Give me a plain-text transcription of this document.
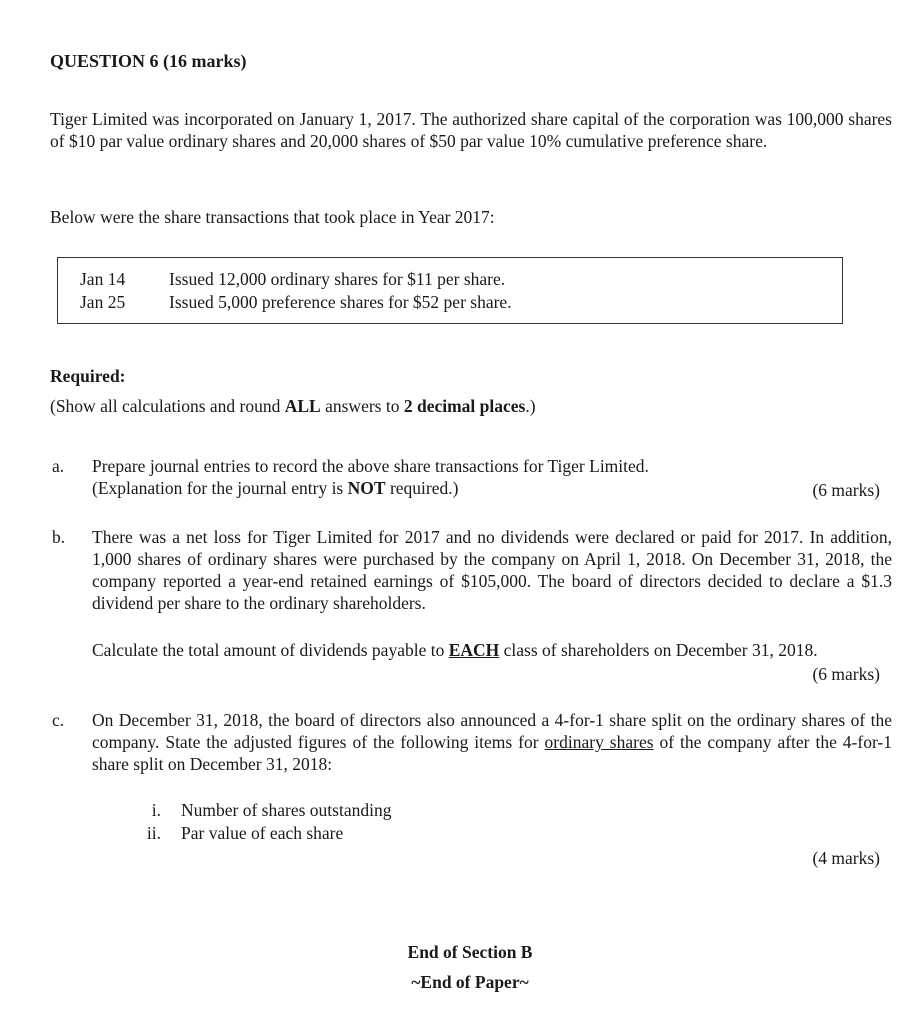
QUESTION 6 (16 marks)
Tiger Limited was incorporated on January 1, 2017. The authorized share capital of the corporation was 100,000 shares of $10 par value ordinary shares and 20,000 shares of $50 par value 10% cumulative preference share.
Below were the share transactions that took place in Year 2017:
Jan 14	Issued 12,000 ordinary shares for $11 per share.
Jan 25	Issued 5,000 preference shares for $52 per share.
Required:
(Show all calculations and round ALL answers to 2 decimal places.)
a. Prepare journal entries to record the above share transactions for Tiger Limited.
(Explanation for the journal entry is NOT required.)	(6 marks)
b. There was a net loss for Tiger Limited for 2017 and no dividends were declared or paid for 2017. In addition, 1,000 shares of ordinary shares were purchased by the company on April 1, 2018. On December 31, 2018, the company reported a year-end retained earnings of $105,000. The board of directors decided to declare a $1.3 dividend per share to the ordinary shareholders.
Calculate the total amount of dividends payable to EACH class of shareholders on December 31, 2018.
(6 marks)
c. On December 31, 2018, the board of directors also announced a 4-for-1 share split on the ordinary shares of the company. State the adjusted figures of the following items for ordinary shares of the company after the 4-for-1 share split on December 31, 2018:
i. Number of shares outstanding
ii. Par value of each share
(4 marks)
End of Section B
~End of Paper~
